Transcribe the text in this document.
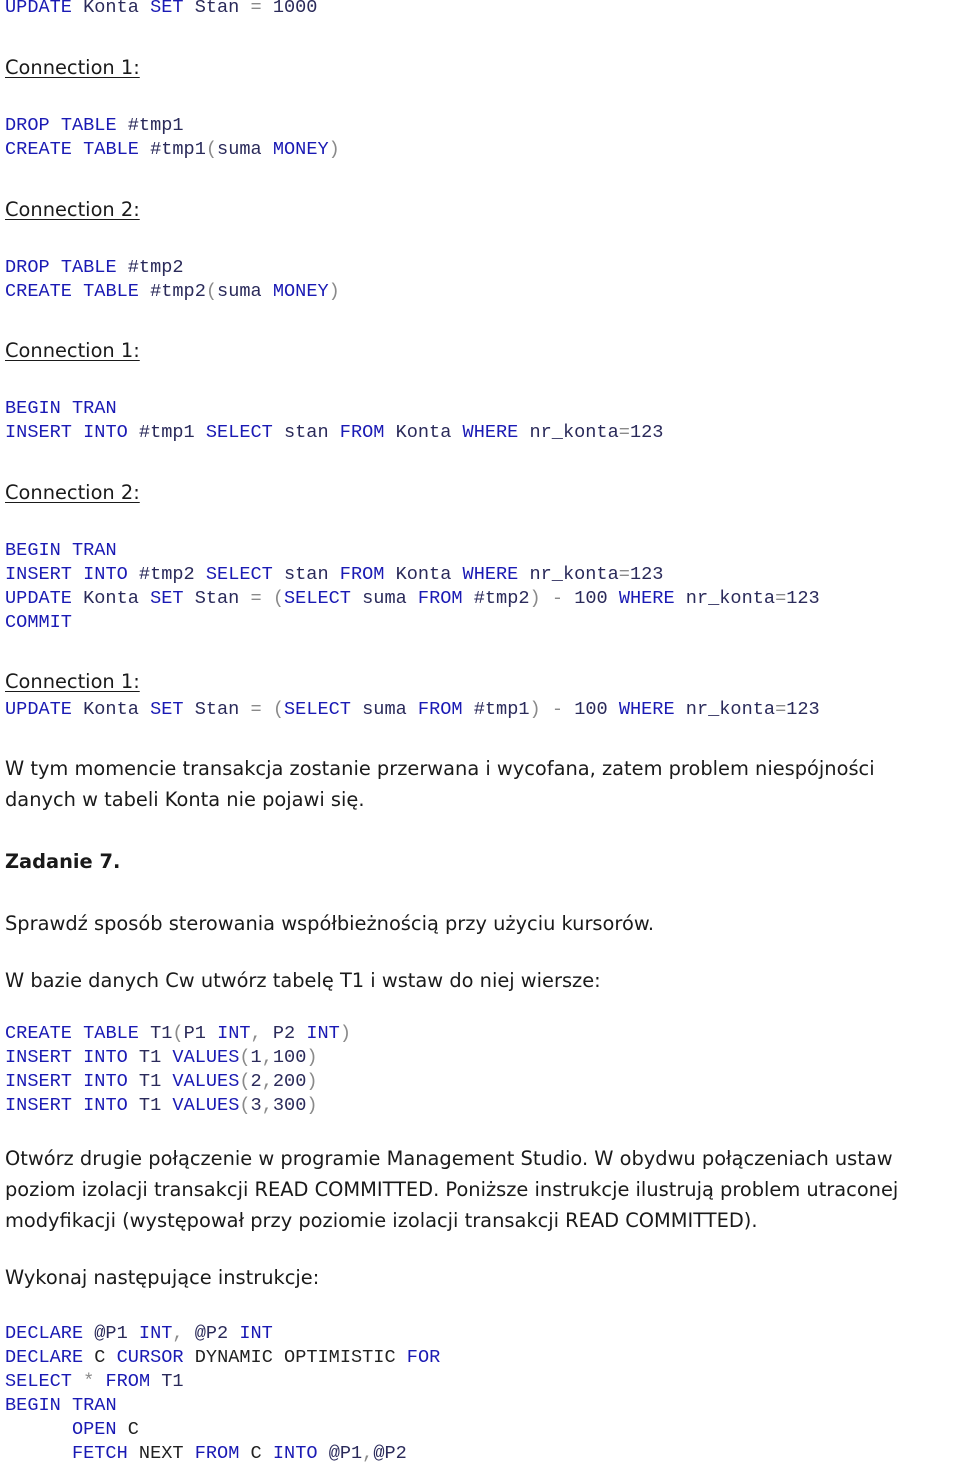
UPDATE Konta SET Stan = 1000
Connection 1:
DROP TABLE #tmp1
CREATE TABLE #tmp1(suma MONEY)
Connection 2:
DROP TABLE #tmp2
CREATE TABLE #tmp2(suma MONEY)
Connection 1:
BEGIN TRAN
INSERT INTO #tmp1 SELECT stan FROM Konta WHERE nr_konta=123
Connection 2:
BEGIN TRAN
INSERT INTO #tmp2 SELECT stan FROM Konta WHERE nr_konta=123
UPDATE Konta SET Stan = (SELECT suma FROM #tmp2) - 100 WHERE nr_konta=123
COMMIT
Connection 1:
UPDATE Konta SET Stan = (SELECT suma FROM #tmp1) - 100 WHERE nr_konta=123
W tym momencie transakcja zostanie przerwana i wycofana, zatem problem niespójności
danych w tabeli Konta nie pojawi się.
Zadanie 7.
Sprawdź sposób sterowania współbieżnością przy użyciu kursorów.
W bazie danych Cw utwórz tabelę T1 i wstaw do niej wiersze:
CREATE TABLE T1(P1 INT, P2 INT)
INSERT INTO T1 VALUES(1,100)
INSERT INTO T1 VALUES(2,200)
INSERT INTO T1 VALUES(3,300)
Otwórz drugie połączenie w programie Management Studio. W obydwu połączeniach ustaw
poziom izolacji transakcji READ COMMITTED. Poniższe instrukcje ilustrują problem utraconej
modyfikacji (występował przy poziomie izolacji transakcji READ COMMITTED).
Wykonaj następujące instrukcje:
DECLARE @P1 INT, @P2 INT
DECLARE C CURSOR DYNAMIC OPTIMISTIC FOR
SELECT * FROM T1
BEGIN TRAN
OPEN C
FETCH NEXT FROM C INTO @P1,@P2
